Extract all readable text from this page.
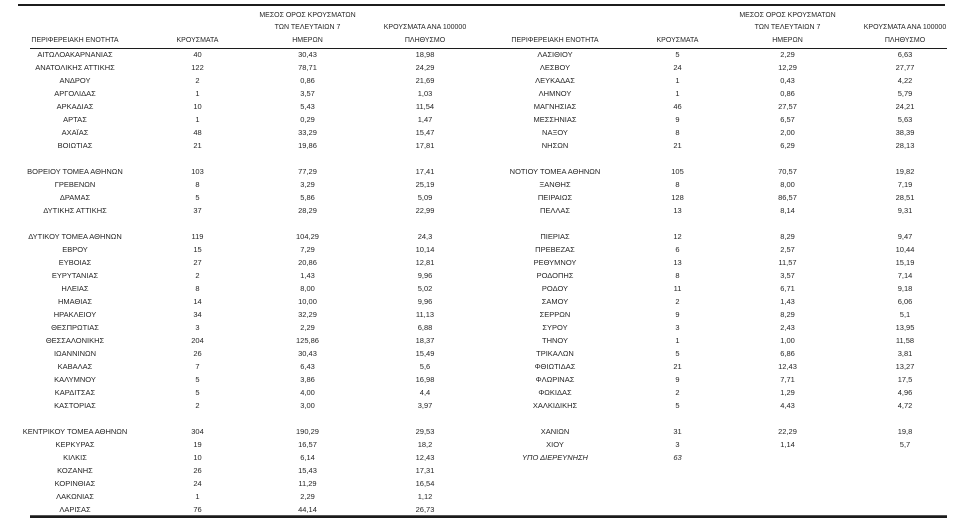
ΠΕΡΙΦΕΡΕΙΑΚΗ ΕΝΟΤΗΤΑ	ΚΡΟΥΣΜΑΤΑ
ΜΕΣΟΣ ΟΡΟΣ ΚΡΟΥΣΜΑΤΩΝ
ΤΩΝ ΤΕΛΕΥΤΑΙΩΝ 7
ΗΜΕΡΩΝ
ΚΡΟΥΣΜΑΤΑ ΑΝΑ 100000
ΠΛΗΘΥΣΜΟ
ΑΙΤΩΛΟΑΚΑΡΝΑΝΙΑΣ	40	30,43	18,98
ΑΝΑΤΟΛΙΚΗΣ ΑΤΤΙΚΗΣ	122	78,71	24,29
ΑΝΔΡΟΥ	2	0,86	21,69
ΑΡΓΟΛΙΔΑΣ	1	3,57	1,03
ΑΡΚΑΔΙΑΣ	10	5,43	11,54
ΑΡΤΑΣ	1	0,29	1,47
ΑΧΑΪΑΣ	48	33,29	15,47
ΒΟΙΩΤΙΑΣ	21	19,86	17,81
ΒΟΡΕΙΟΥ ΤΟΜΕΑ ΑΘΗΝΩΝ	103	77,29	17,41
ΓΡΕΒΕΝΩΝ	8	3,29	25,19
ΔΡΑΜΑΣ	5	5,86	5,09
ΔΥΤΙΚΗΣ ΑΤΤΙΚΗΣ	37	28,29	22,99
ΔΥΤΙΚΟΥ ΤΟΜΕΑ ΑΘΗΝΩΝ	119	104,29	24,3
ΕΒΡΟΥ	15	7,29	10,14
ΕΥΒΟΙΑΣ	27	20,86	12,81
ΕΥΡΥΤΑΝΙΑΣ	2	1,43	9,96
ΗΛΕΙΑΣ	8	8,00	5,02
ΗΜΑΘΙΑΣ	14	10,00	9,96
ΗΡΑΚΛΕΙΟΥ	34	32,29	11,13
ΘΕΣΠΡΩΤΙΑΣ	3	2,29	6,88
ΘΕΣΣΑΛΟΝΙΚΗΣ	204	125,86	18,37
ΙΩΑΝΝΙΝΩΝ	26	30,43	15,49
ΚΑΒΑΛΑΣ	7	6,43	5,6
ΚΑΛΥΜΝΟΥ	5	3,86	16,98
ΚΑΡΔΙΤΣΑΣ	5	4,00	4,4
ΚΑΣΤΟΡΙΑΣ	2	3,00	3,97
ΚΕΝΤΡΙΚΟΥ ΤΟΜΕΑ ΑΘΗΝΩΝ	304	190,29	29,53
ΚΕΡΚΥΡΑΣ	19	16,57	18,2
ΚΙΛΚΙΣ	10	6,14	12,43
ΚΟΖΑΝΗΣ	26	15,43	17,31
ΚΟΡΙΝΘΙΑΣ	24	11,29	16,54
ΛΑΚΩΝΙΑΣ	1	2,29	1,12
ΛΑΡΙΣΑΣ	76	44,14	26,73
ΠΕΡΙΦΕΡΕΙΑΚΗ ΕΝΟΤΗΤΑ	ΚΡΟΥΣΜΑΤΑ
ΜΕΣΟΣ ΟΡΟΣ ΚΡΟΥΣΜΑΤΩΝ
ΤΩΝ ΤΕΛΕΥΤΑΙΩΝ 7
ΗΜΕΡΩΝ
ΚΡΟΥΣΜΑΤΑ ΑΝΑ 100000
ΠΛΗΘΥΣΜΟ
ΛΑΣΙΘΙΟΥ	5	2,29	6,63
ΛΕΣΒΟΥ	24	12,29	27,77
ΛΕΥΚΑΔΑΣ	1	0,43	4,22
ΛΗΜΝΟΥ	1	0,86	5,79
ΜΑΓΝΗΣΙΑΣ	46	27,57	24,21
ΜΕΣΣΗΝΙΑΣ	9	6,57	5,63
ΝΑΞΟΥ	8	2,00	38,39
ΝΗΣΩΝ	21	6,29	28,13
ΝΟΤΙΟΥ ΤΟΜΕΑ ΑΘΗΝΩΝ	105	70,57	19,82
ΞΑΝΘΗΣ	8	8,00	7,19
ΠΕΙΡΑΙΩΣ	128	86,57	28,51
ΠΕΛΛΑΣ	13	8,14	9,31
ΠΙΕΡΙΑΣ	12	8,29	9,47
ΠΡΕΒΕΖΑΣ	6	2,57	10,44
ΡΕΘΥΜΝΟΥ	13	11,57	15,19
ΡΟΔΟΠΗΣ	8	3,57	7,14
ΡΟΔΟΥ	11	6,71	9,18
ΣΑΜΟΥ	2	1,43	6,06
ΣΕΡΡΩΝ	9	8,29	5,1
ΣΥΡΟΥ	3	2,43	13,95
ΤΗΝΟΥ	1	1,00	11,58
ΤΡΙΚΑΛΩΝ	5	6,86	3,81
ΦΘΙΩΤΙΔΑΣ	21	12,43	13,27
ΦΛΩΡΙΝΑΣ	9	7,71	17,5
ΦΩΚΙΔΑΣ	2	1,29	4,96
ΧΑΛΚΙΔΙΚΗΣ	5	4,43	4,72
ΧΑΝΙΩΝ	31	22,29	19,8
ΧΙΟΥ	3	1,14	5,7
ΥΠΟ ΔΙΕΡΕΥΝΗΣΗ	63
